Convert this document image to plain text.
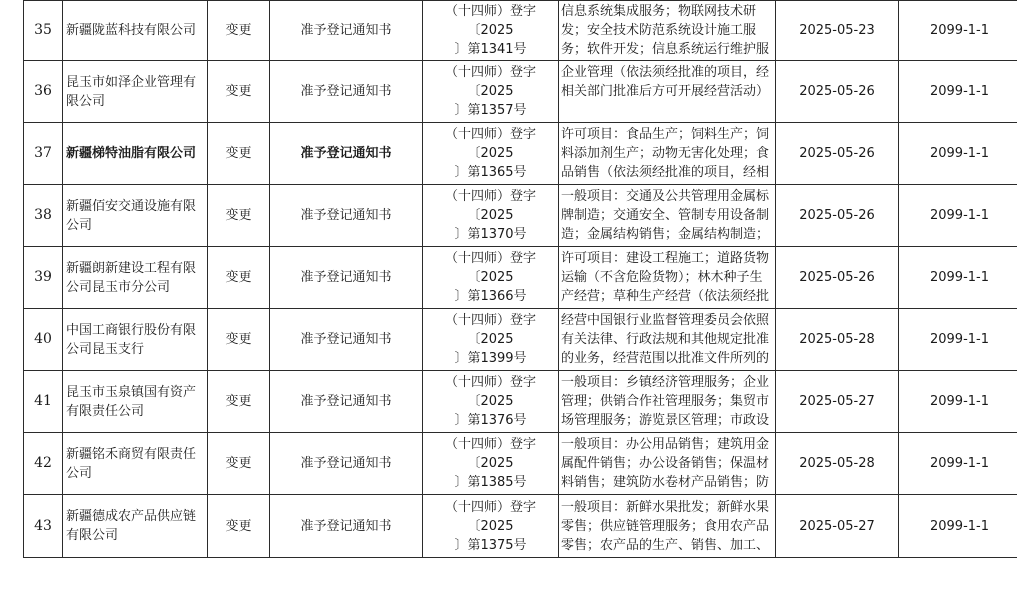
35	新疆陇蓝科技有限公司	变更	准予登记通知书	（十四师）登字〔2025
〕第1341号	信息系统集成服务；物联网技术研发；安全技术防范系统设计施工服务；软件开发；信息系统运行维护服	2025-05-23	2099-1-1
36	昆玉市如泽企业管理有限公司	变更	准予登记通知书	（十四师）登字〔2025
〕第1357号	企业管理（依法须经批准的项目，经相关部门批准后方可开展经营活动）	2025-05-26	2099-1-1
37	新疆梯特油脂有限公司	变更	准予登记通知书	（十四师）登字〔2025
〕第1365号	许可项目：食品生产；饲料生产；饲料添加剂生产；动物无害化处理；食品销售（依法须经批准的项目，经相	2025-05-26	2099-1-1
38	新疆佰安交通设施有限公司	变更	准予登记通知书	（十四师）登字〔2025
〕第1370号	一般项目：交通及公共管理用金属标牌制造；交通安全、管制专用设备制造；金属结构销售；金属结构制造；	2025-05-26	2099-1-1
39	新疆朗新建设工程有限公司昆玉市分公司	变更	准予登记通知书	（十四师）登字〔2025
〕第1366号	许可项目：建设工程施工；道路货物运输（不含危险货物）；林木种子生产经营；草种生产经营（依法须经批	2025-05-26	2099-1-1
40	中国工商银行股份有限公司昆玉支行	变更	准予登记通知书	（十四师）登字〔2025
〕第1399号	经营中国银行业监督管理委员会依照有关法律、行政法规和其他规定批准的业务，经营范围以批准文件所列的	2025-05-28	2099-1-1
41	昆玉市玉泉镇国有资产有限责任公司	变更	准予登记通知书	（十四师）登字〔2025
〕第1376号	一般项目：乡镇经济管理服务；企业管理；供销合作社管理服务；集贸市场管理服务；游览景区管理；市政设	2025-05-27	2099-1-1
42	新疆铭禾商贸有限责任公司	变更	准予登记通知书	（十四师）登字〔2025
〕第1385号	一般项目：办公用品销售；建筑用金属配件销售；办公设备销售；保温材料销售；建筑防水卷材产品销售；防	2025-05-28	2099-1-1
43	新疆德成农产品供应链有限公司	变更	准予登记通知书	（十四师）登字〔2025
〕第1375号	一般项目：新鲜水果批发；新鲜水果零售；供应链管理服务；食用农产品零售；农产品的生产、销售、加工、	2025-05-27	2099-1-1
